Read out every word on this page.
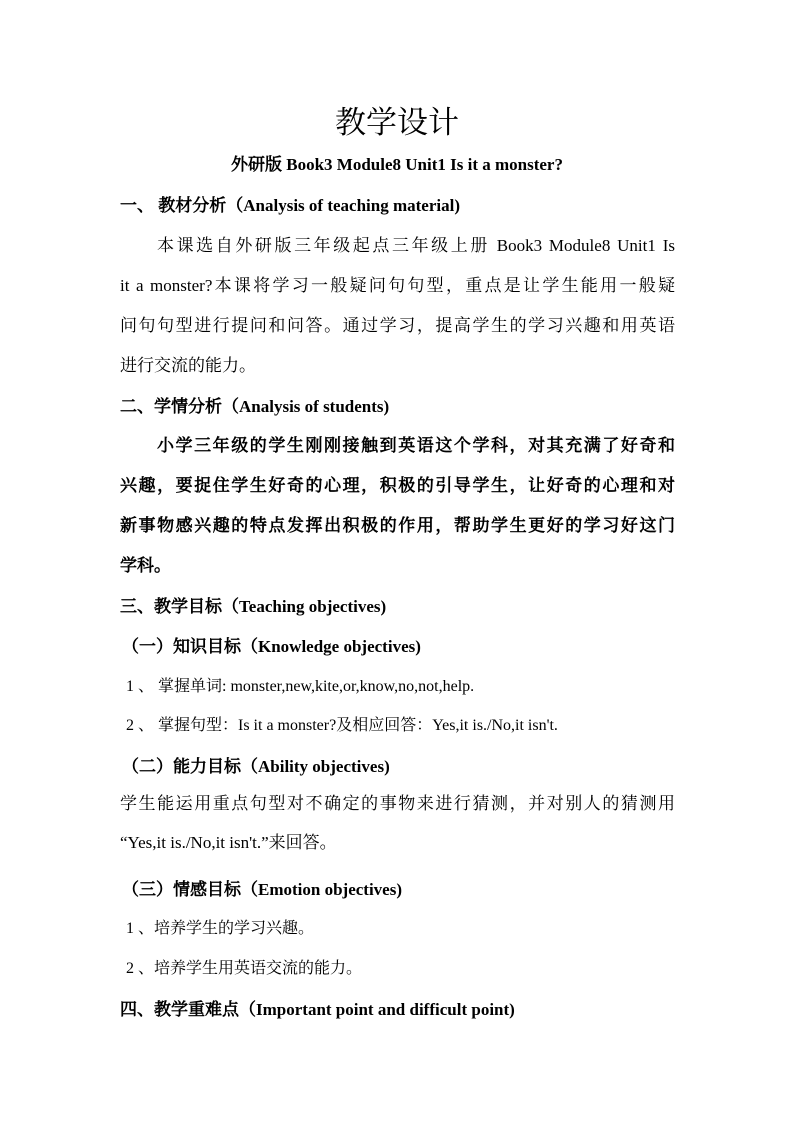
教学设计
外研版 Book3 Module8 Unit1 Is it a monster?
一、 教材分析（Analysis of teaching material)
本课选自外研版三年级起点三年级上册 Book3 Module8 Unit1 Is
it a monster?本课将学习一般疑问句句型，重点是让学生能用一般疑
问句句型进行提问和问答。通过学习，提高学生的学习兴趣和用英语
进行交流的能力。
二、学情分析（Analysis of students)
小学三年级的学生刚刚接触到英语这个学科，对其充满了好奇和
兴趣，要捉住学生好奇的心理，积极的引导学生，让好奇的心理和对
新事物感兴趣的特点发挥出积极的作用，帮助学生更好的学习好这门
学科。
三、教学目标（Teaching objectives)
（一）知识目标（Knowledge objectives)
1 、 掌握单词: monster,new,kite,or,know,no,not,help.
2 、 掌握句型：Is it a monster?及相应回答：Yes,it is./No,it isn't.
（二）能力目标（Ability objectives)
学生能运用重点句型对不确定的事物来进行猜测，并对别人的猜测用
“Yes,it is./No,it isn't.”来回答。
（三）情感目标（Emotion objectives)
1 、培养学生的学习兴趣。
2 、培养学生用英语交流的能力。
四、教学重难点（Important point and difficult point)
